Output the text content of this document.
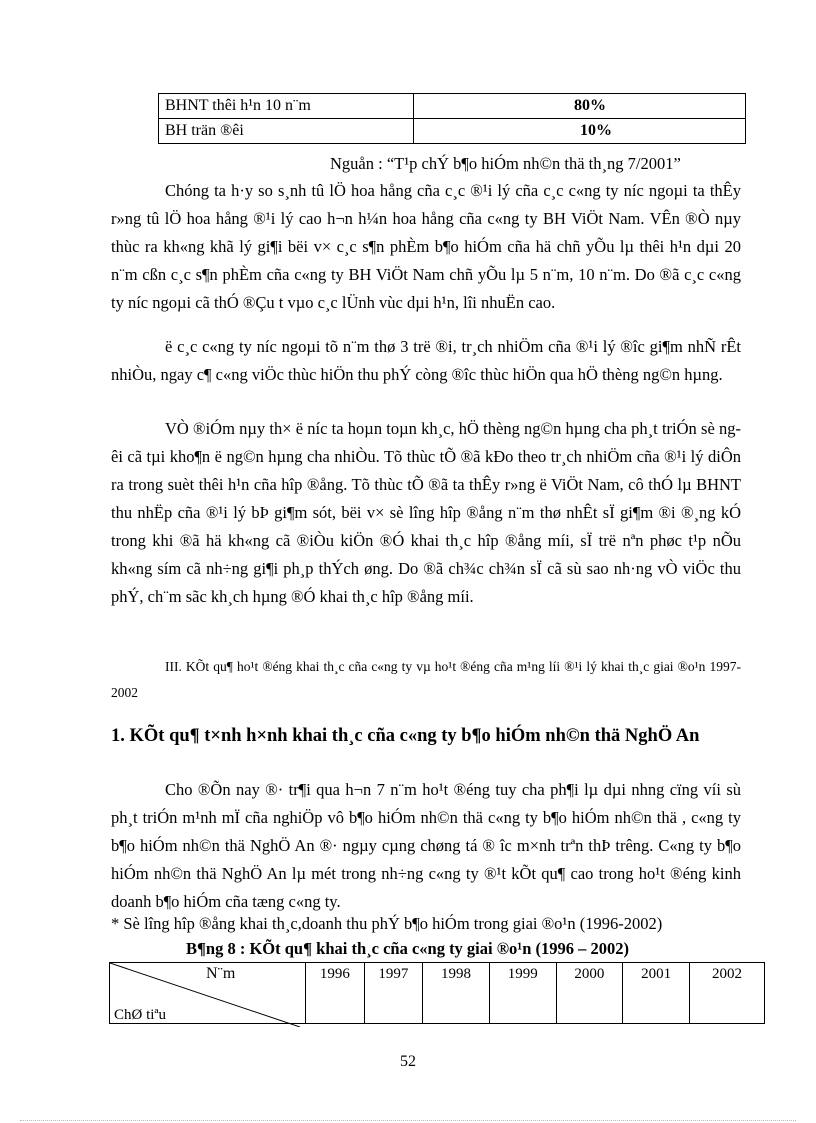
BHNT thêi h¹n 10 n¨m	80%
BH trän ®êi	10%
Nguån : “T¹p chÝ b¶o hiÓm nh©n thä th¸ng 7/2001”
Chóng ta h·y so s¸nh tû lÖ hoa hång cña c¸c ®¹i lý cña c¸c c«ng ty níc ngoµi ta thÊy r»ng tû lÖ hoa hång ®¹i lý cao h¬n h¼n hoa hång cña c«ng ty BH ViÖt Nam. VÊn ®Ò nµy thùc ra kh«ng khã lý gi¶i bëi v× c¸c s¶n phÈm b¶o hiÓm cña hä chñ yÕu lµ thêi h¹n dµi 20 n¨m cßn c¸c s¶n phÈm cña c«ng ty BH ViÖt Nam chñ yÕu lµ 5 n¨m, 10 n¨m. Do ®ã c¸c c«ng ty níc ngoµi cã thÓ ®Çu t vµo c¸c lÜnh vùc dµi h¹n, lîi nhuËn cao.
ë c¸c c«ng ty níc ngoµi tõ n¨m thø 3 trë ®i, tr¸ch nhiÖm cña ®¹i lý ®îc gi¶m nhÑ rÊt nhiÒu, ngay c¶ c«ng viÖc thùc hiÖn thu phÝ còng ®îc thùc hiÖn qua hÖ thèng ng©n hµng.
VÒ ®iÓm nµy th× ë níc ta hoµn toµn kh¸c, hÖ thèng ng©n hµng cha ph¸t triÓn sè ngêi cã tµi kho¶n ë ng©n hµng cha nhiÒu. Tõ thùc tÕ ®ã kÐo theo tr¸ch nhiÖm cña ®¹i lý diÔn ra trong suèt thêi h¹n cña hîp ®ång. Tõ thùc tÕ ®ã ta thÊy r»ng ë ViÖt Nam, cô thÓ lµ BHNT thu nhËp cña ®¹i lý bÞ gi¶m sót, bëi v× sè lîng hîp ®ång n¨m thø nhÊt sÏ gi¶m ®i ®¸ng kÓ trong khi ®ã hä kh«ng cã ®iÒu kiÖn ®Ó khai th¸c hîp ®ång míi, sÏ trë nªn phøc t¹p nÕu kh«ng sím cã nh÷ng gi¶i ph¸p thÝch øng. Do ®ã ch¾c ch¾n sÏ cã sù sao nh·ng vÒ viÖc thu phÝ, ch¨m sãc kh¸ch hµng ®Ó khai th¸c hîp ®ång míi.
III. KÕt qu¶ ho¹t ®éng khai th¸c cña c«ng ty vµ ho¹t ®éng cña m¹ng líi ®¹i lý khai th¸c giai ®o¹n 1997-2002
1. KÕt qu¶ t×nh h×nh khai th¸c cña c«ng ty b¶o hiÓm nh©n thä NghÖ An
Cho ®Õn nay ®· tr¶i qua h¬n 7 n¨m ho¹t ®éng tuy cha ph¶i lµ dµi nhng cïng víi sù ph¸t triÓn m¹nh mÏ cña nghiÖp vô b¶o hiÓm nh©n thä c«ng ty b¶o hiÓm nh©n thä , c«ng ty b¶o hiÓm nh©n thä NghÖ An ®· ngµy cµng chøng tá ® îc m×nh trªn thÞ trêng. C«ng ty b¶o hiÓm nh©n thä NghÖ An lµ mét trong nh÷ng c«ng ty ®¹t kÕt qu¶ cao trong ho¹t ®éng kinh doanh b¶o hiÓm cña tæng c«ng ty.
* Sè lîng hîp ®ång khai th¸c,doanh thu phÝ b¶o hiÓm trong giai ®o¹n (1996-2002)
B¶ng 8 : KÕt qu¶ khai th¸c cña c«ng ty giai ®o¹n (1996 – 2002)
N¨m
ChØ tiªu
	1996	1997	1998	1999	2000	2001	2002
52
